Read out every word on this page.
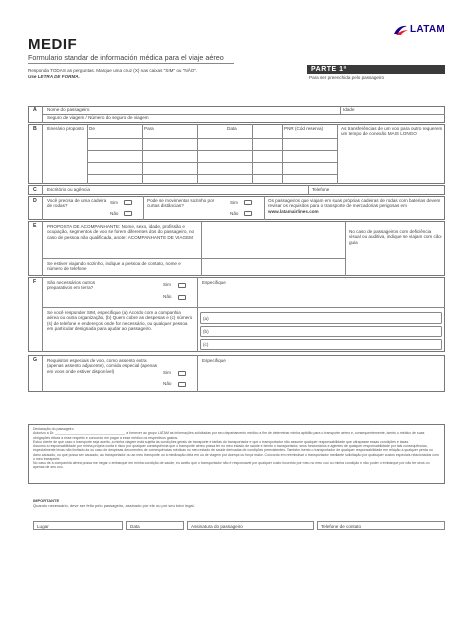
LATAM
MEDIF
Formulario standar de información médica para el viaje aéreo
Responda TODAS as perguntas. Marque uma cruz (X) nas caixas "SIM" ou "NÃO".
Use LETRA DE FORMA.
PARTE 1ª
Para ser preenchida pelo passageiro
A Nome do passageiro	Idade
Seguro de viagem / Número do seguro de viagem
B Itinerário proposto De	Para	Data	PNR (Cód reserva)	As transferências de um voo para outro requerem um tempo de conexão MAIS LONGO
C Escritório ou agência	Telefone
D Você precisa de uma cadeira de rodas?
Sim
Não
Pode se movimentar sozinho por curtas distâncias?
Sim
Não
Os passageiros que viajam em suas próprias cadeiras de rodas com baterias devem revisar os requisitos para o transporte de mercadorias perigosas em www.latamairlines.com
E PROPOSTA DE ACOMPANHANTE: Nome, sexo, idade, profissão e ocupação, segmentos de voo se forem diferentes dos do passageiro, no caso de pessoa não qualificada, anote: ACOMPANHANTE DE VIAGEM
Se estiver viajando sozinho, indique a pessoa de contato, nome e número de telefone
No caso de passageiros com deficiência visual ou auditiva, indique se viajam com cão-guia
F São necessários outros preparativos em terra?
Sim
Não
Especifique
Se você responder SIM, especifique (a) Acordo com a companhia aérea ou outra organização, (b) Quem cobre as despesas e (c) número (s) de telefone e endereços onde for necessário, ou qualquer pessoa em particular designada para ajudar ao passageiro.
(a)
(b)
(c)
G Requisitos especiais de voo, como assento extra (apenas assento adjacente), comida especial (apenas em voos onde estiver disponível)	Sim
Não
Especifique
Declaração do passageiro
Autorizo a Dr. ____________________________________ a fornecer ao grupo LATAM as informações solicitadas por seu departamento médico a fim de determinar minha aptidão para o transporte aéreo e, consequentemente, isento o médico de suas obrigações éticas a esse respeito e concordo em pagar a esse médico os respectivos gastos.
Estou ciente de que caso o transporte seja aceito, a minha viagem está sujeita às condições gerais de transporte e tarifas do transportador e que o transportador não assume qualquer responsabilidade que ultrapasse essas condições e taxas.
Assumo a responsabilidade por minha própria conta e risco por qualquer consequência que o transporte aéreo possa ter no meu estado de saúde e isento o transportador, seus funcionários e agentes de qualquer responsabilidade por tais consequências, especialmente levas não limitado às ou caso de despesas decorrentes de consequências médicas no meu estado de saúde derivadas de condições preexistentes. Também isento o transportador de qualquer responsabilidade em relação a qualquer perda ou dano causado, ou que possa ser causado, ao transportador ou ao meu transporte ou à medicação dela em ou de viagem por doença ou força maior. Concordo em reembolsar o transportador mediante solicitação por quaisquer custos especiais relacionados com o meu transporte.
No caso de a companhia aérea possa me negar o embarque em minha condição de saúde, eu aceito que o transportador não é responsável por qualquer custo incorrido por meu no meu voo ou minha condição e não poder o embarque por não ter seus ou apenas de seu voo.
IMPORTANTE
Quando necessário, deve ser feito pelo passageiro, assinado por ele ou por seu tutor legal.
Lugar	Data	Assinatura do passageiro	Telefone de contato
